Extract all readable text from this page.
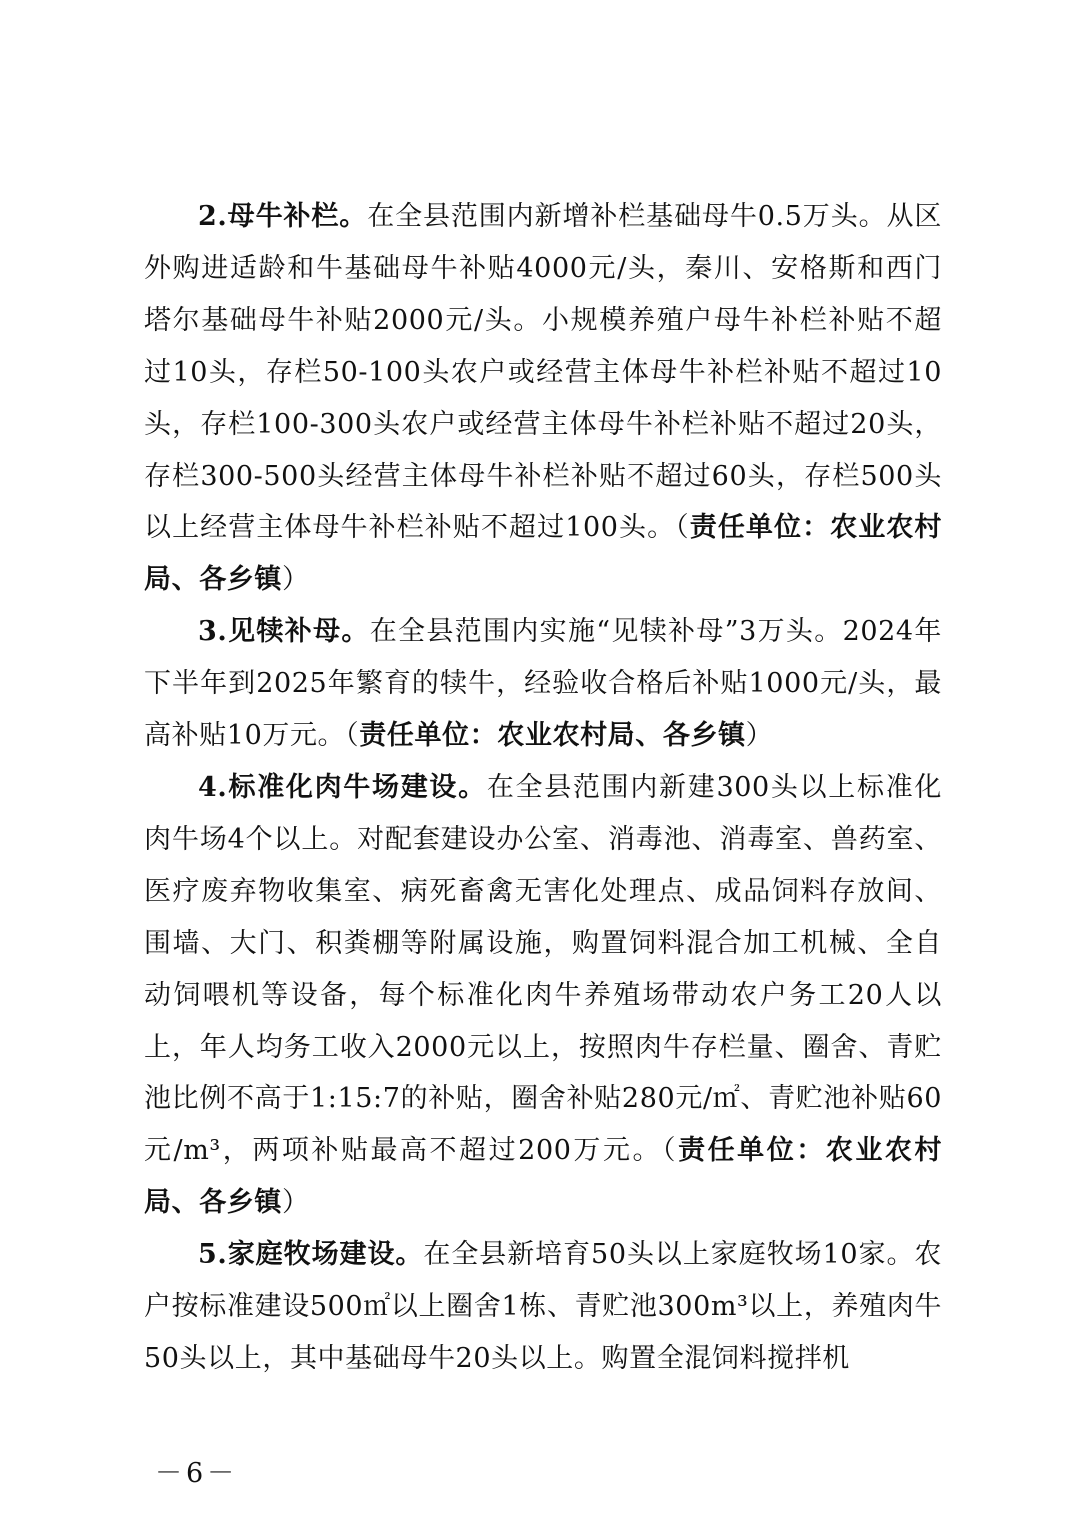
2.母牛补栏。在全县范围内新增补栏基础母牛0.5万头。从区外购进适龄和牛基础母牛补贴4000元/头，秦川、安格斯和西门塔尔基础母牛补贴2000元/头。小规模养殖户母牛补栏补贴不超过10头，存栏50-100头农户或经营主体母牛补栏补贴不超过10头，存栏100-300头农户或经营主体母牛补栏补贴不超过20头，存栏300-500头经营主体母牛补栏补贴不超过60头，存栏500头以上经营主体母牛补栏补贴不超过100头。（责任单位：农业农村局、各乡镇）

3.见犊补母。在全县范围内实施“见犊补母”3万头。2024年下半年到2025年繁育的犊牛，经验收合格后补贴1000元/头，最高补贴10万元。（责任单位：农业农村局、各乡镇）

4.标准化肉牛场建设。在全县范围内新建300头以上标准化肉牛场4个以上。对配套建设办公室、消毒池、消毒室、兽药室、医疗废弃物收集室、病死畜禽无害化处理点、成品饲料存放间、围墙、大门、积粪棚等附属设施，购置饲料混合加工机械、全自动饲喂机等设备，每个标准化肉牛养殖场带动农户务工20人以上，年人均务工收入2000元以上，按照肉牛存栏量、圈舍、青贮池比例不高于1:15:7的补贴，圈舍补贴280元/㎡、青贮池补贴60元/m³，两项补贴最高不超过200万元。（责任单位：农业农村局、各乡镇）

5.家庭牧场建设。在全县新培育50头以上家庭牧场10家。农户按标准建设500㎡以上圈舍1栋、青贮池300m³以上，养殖肉牛50头以上，其中基础母牛20头以上。购置全混饲料搅拌机

－6－
